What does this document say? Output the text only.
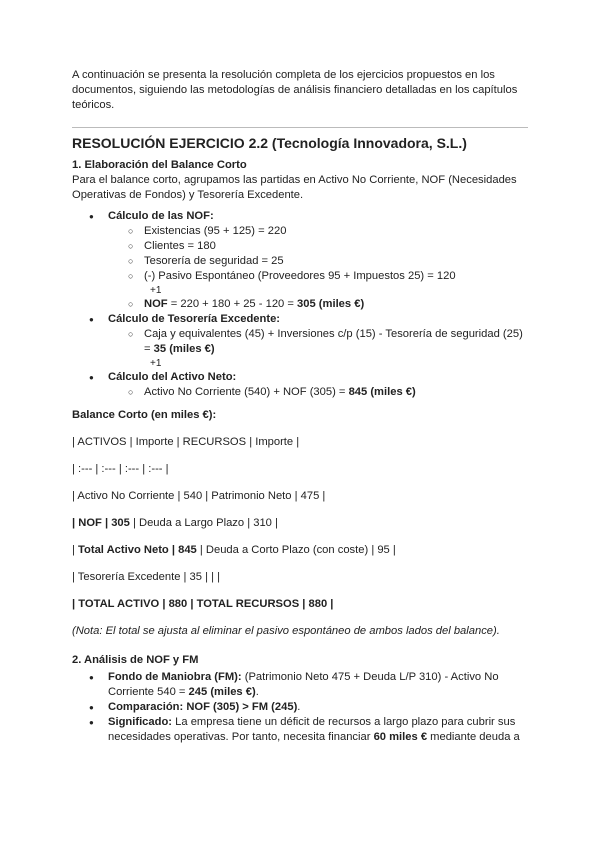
A continuación se presenta la resolución completa de los ejercicios propuestos en los documentos, siguiendo las metodologías de análisis financiero detalladas en los capítulos teóricos.

RESOLUCIÓN EJERCICIO 2.2 (Tecnología Innovadora, S.L.)
1. Elaboración del Balance Corto

Para el balance corto, agrupamos las partidas en Activo No Corriente, NOF (Necesidades Operativas de Fondos) y Tesorería Excedente.

● Cálculo de las NOF:
○ Existencias (95 + 125) = 220
○ Clientes = 180
○ Tesorería de seguridad = 25
○ (-) Pasivo Espontáneo (Proveedores 95 + Impuestos 25) = 120
+1
○ NOF = 220 + 180 + 25 - 120 = 305 (miles €)
● Cálculo de Tesorería Excedente:
○ Caja y equivalentes (45) + Inversiones c/p (15) - Tesorería de seguridad (25) = 35 (miles €)
+1
● Cálculo del Activo Neto:
○ Activo No Corriente (540) + NOF (305) = 845 (miles €)
Balance Corto (en miles €):

| ACTIVOS | Importe | RECURSOS | Importe |

| :--- | :--- | :--- | :--- |

| Activo No Corriente | 540 | Patrimonio Neto | 475 |

| NOF | 305 | Deuda a Largo Plazo | 310 |

| Total Activo Neto | 845 | Deuda a Corto Plazo (con coste) | 95 |

| Tesorería Excedente | 35 | | |

| TOTAL ACTIVO | 880 | TOTAL RECURSOS | 880 |

(Nota: El total se ajusta al eliminar el pasivo espontáneo de ambos lados del balance).

2. Análisis de NOF y FM
● Fondo de Maniobra (FM): (Patrimonio Neto 475 + Deuda L/P 310) - Activo No Corriente 540 = 245 (miles €).
● Comparación: NOF (305) > FM (245).
● Significado: La empresa tiene un déficit de recursos a largo plazo para cubrir sus necesidades operativas. Por tanto, necesita financiar 60 miles € mediante deuda a
